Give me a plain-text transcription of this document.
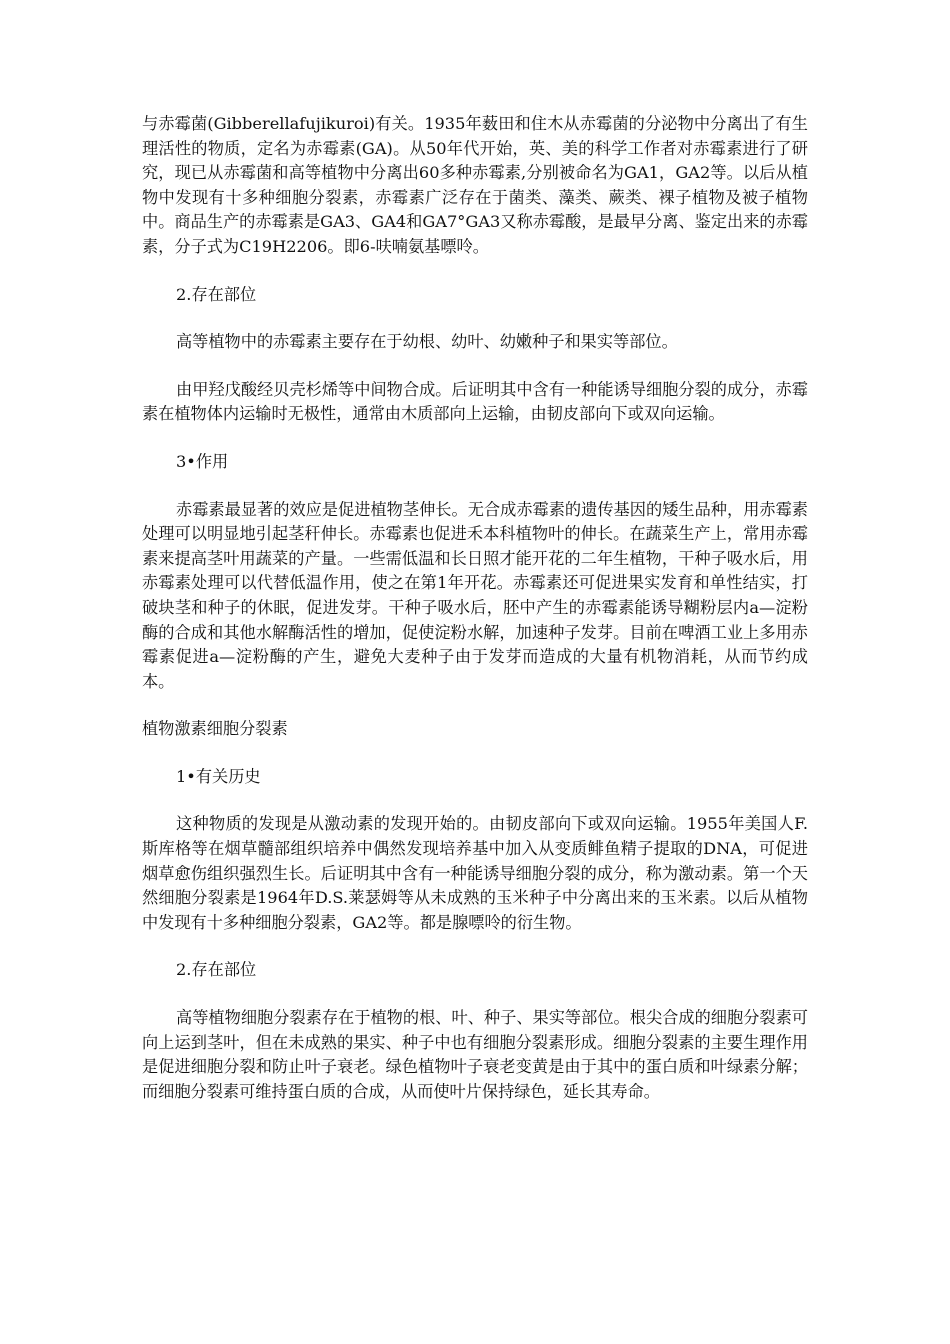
与赤霉菌(Gibberellafujikuroi)有关。1935年薮田和住木从赤霉菌的分泌物中分离出了有生理活性的物质，定名为赤霉素(GA)。从50年代开始，英、美的科学工作者对赤霉素进行了研究，现已从赤霉菌和高等植物中分离出60多种赤霉素,分别被命名为GA1，GA2等。以后从植物中发现有十多种细胞分裂素，赤霉素广泛存在于菌类、藻类、蕨类、裸子植物及被子植物中。商品生产的赤霉素是GA3、GA4和GA7°GA3又称赤霉酸，是最早分离、鉴定出来的赤霉素，分子式为C19H2206。即6-呋喃氨基嘌呤。

2.存在部位

高等植物中的赤霉素主要存在于幼根、幼叶、幼嫩种子和果实等部位。

由甲羟戊酸经贝壳杉烯等中间物合成。后证明其中含有一种能诱导细胞分裂的成分，赤霉素在植物体内运输时无极性，通常由木质部向上运输，由韧皮部向下或双向运输。

3•作用

赤霉素最显著的效应是促进植物茎伸长。无合成赤霉素的遗传基因的矮生品种，用赤霉素处理可以明显地引起茎秆伸长。赤霉素也促进禾本科植物叶的伸长。在蔬菜生产上，常用赤霉素来提高茎叶用蔬菜的产量。一些需低温和长日照才能开花的二年生植物，干种子吸水后，用赤霉素处理可以代替低温作用，使之在第1年开花。赤霉素还可促进果实发育和单性结实，打破块茎和种子的休眠，促进发芽。干种子吸水后，胚中产生的赤霉素能诱导糊粉层内a—淀粉酶的合成和其他水解酶活性的增加，促使淀粉水解，加速种子发芽。目前在啤酒工业上多用赤霉素促进a—淀粉酶的产生，避免大麦种子由于发芽而造成的大量有机物消耗，从而节约成本。

植物激素细胞分裂素

1•有关历史

这种物质的发现是从激动素的发现开始的。由韧皮部向下或双向运输。1955年美国人F.斯库格等在烟草髓部组织培养中偶然发现培养基中加入从变质鲱鱼精子提取的DNA，可促进烟草愈伤组织强烈生长。后证明其中含有一种能诱导细胞分裂的成分，称为激动素。第一个天然细胞分裂素是1964年D.S.莱瑟姆等从未成熟的玉米种子中分离出来的玉米素。以后从植物中发现有十多种细胞分裂素，GA2等。都是腺嘌呤的衍生物。

2.存在部位

高等植物细胞分裂素存在于植物的根、叶、种子、果实等部位。根尖合成的细胞分裂素可向上运到茎叶，但在未成熟的果实、种子中也有细胞分裂素形成。细胞分裂素的主要生理作用是促进细胞分裂和防止叶子衰老。绿色植物叶子衰老变黄是由于其中的蛋白质和叶绿素分解；而细胞分裂素可维持蛋白质的合成，从而使叶片保持绿色，延长其寿命。
